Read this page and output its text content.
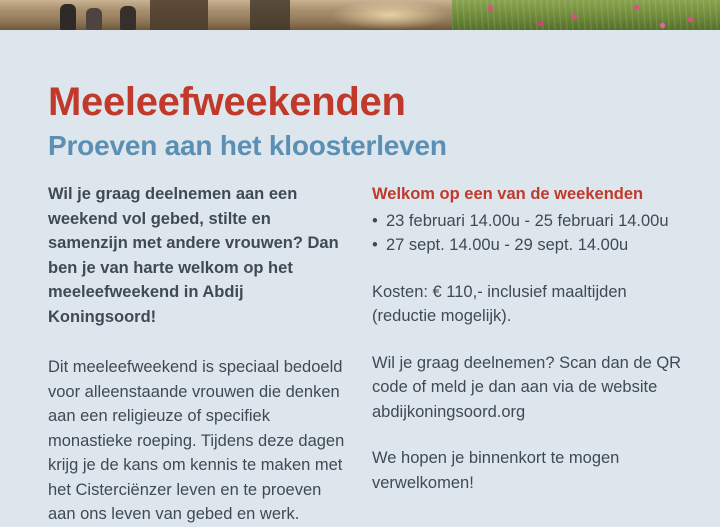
Meeleefweekenden
Proeven aan het kloosterleven

Wil je graag deelnemen aan een weekend vol gebed, stilte en samenzijn met andere vrouwen? Dan ben je van harte welkom op het meeleefweekend in Abdij Koningsoord!

Dit meeleefweekend is speciaal bedoeld voor alleenstaande vrouwen die denken aan een religieuze of specifiek monastieke roeping. Tijdens deze dagen krijg je de kans om kennis te maken met het Cisterciënzer leven en te proeven aan ons leven van gebed en werk.

Welkom op een van de weekenden

• 23 februari 14.00u - 25 februari 14.00u
• 27 sept. 14.00u - 29 sept. 14.00u

Kosten: € 110,- inclusief maaltijden (reductie mogelijk).

Wil je graag deelnemen? Scan dan de QR code of meld je dan aan via de website abdijkoningsoord.org

We hopen je binnenkort te mogen verwelkomen!
